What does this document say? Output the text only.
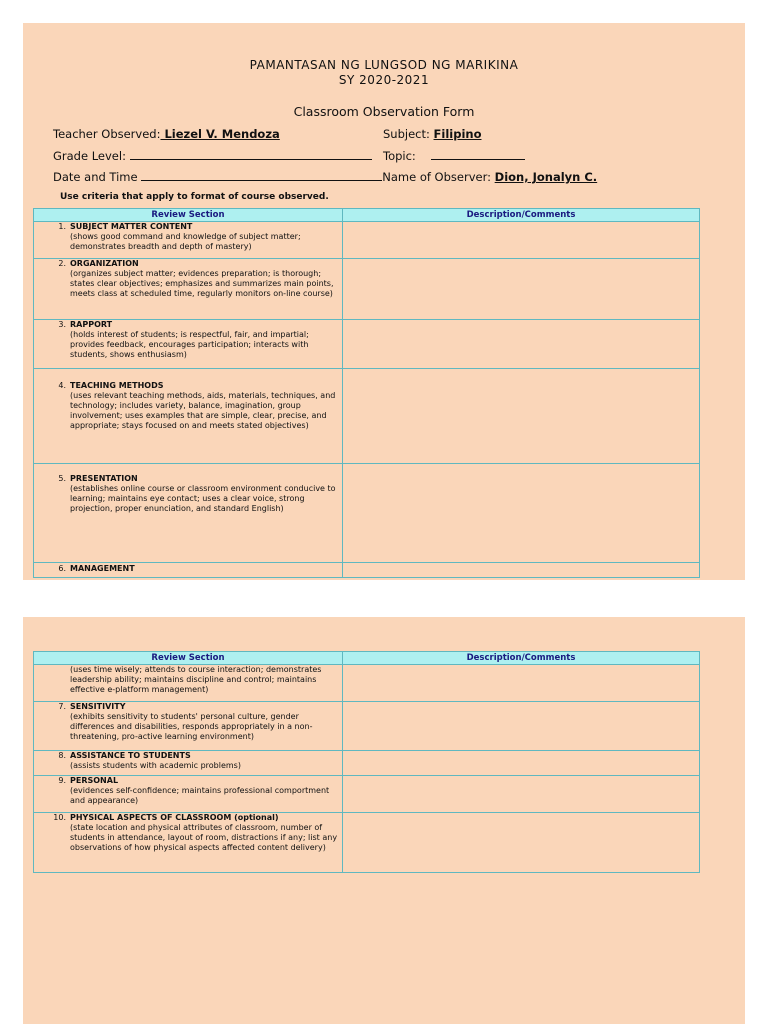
PAMANTASAN NG LUNGSOD NG MARIKINA
SY 2020-2021
Classroom Observation Form
Teacher Observed: Liezel V. Mendoza	Subject: Filipino
Grade Level:	Topic:
Date and Time	Name of Observer: Dion, Jonalyn C.
Use criteria that apply to format of course observed.
Review Section	Description/Comments

1. SUBJECT MATTER CONTENT
(shows good command and knowledge of subject matter; demonstrates breadth and depth of mastery)	

2. ORGANIZATION
(organizes subject matter; evidences preparation; is thorough; states clear objectives; emphasizes and summarizes main points, meets class at scheduled time, regularly monitors on-line course)	

3. RAPPORT
(holds interest of students; is respectful, fair, and impartial; provides feedback, encourages participation; interacts with students, shows enthusiasm)	

4. TEACHING METHODS
(uses relevant teaching methods, aids, materials, techniques, and technology; includes variety, balance, imagination, group involvement; uses examples that are simple, clear, precise, and appropriate; stays focused on and meets stated objectives)	

5. PRESENTATION
(establishes online course or classroom environment conducive to learning; maintains eye contact; uses a clear voice, strong projection, proper enunciation, and standard English)	

6. MANAGEMENT	

Review Section	Description/Comments

(uses time wisely; attends to course interaction; demonstrates leadership ability; maintains discipline and control; maintains effective e-platform management)	

7. SENSITIVITY
(exhibits sensitivity to students' personal culture, gender differences and disabilities, responds appropriately in a non-threatening, pro-active learning environment)	

8. ASSISTANCE TO STUDENTS
(assists students with academic problems)	

9. PERSONAL
(evidences self-confidence; maintains professional comportment and appearance)	

10. PHYSICAL ASPECTS OF CLASSROOM (optional)
(state location and physical attributes of classroom, number of students in attendance, layout of room, distractions if any; list any observations of how physical aspects affected content delivery)	
